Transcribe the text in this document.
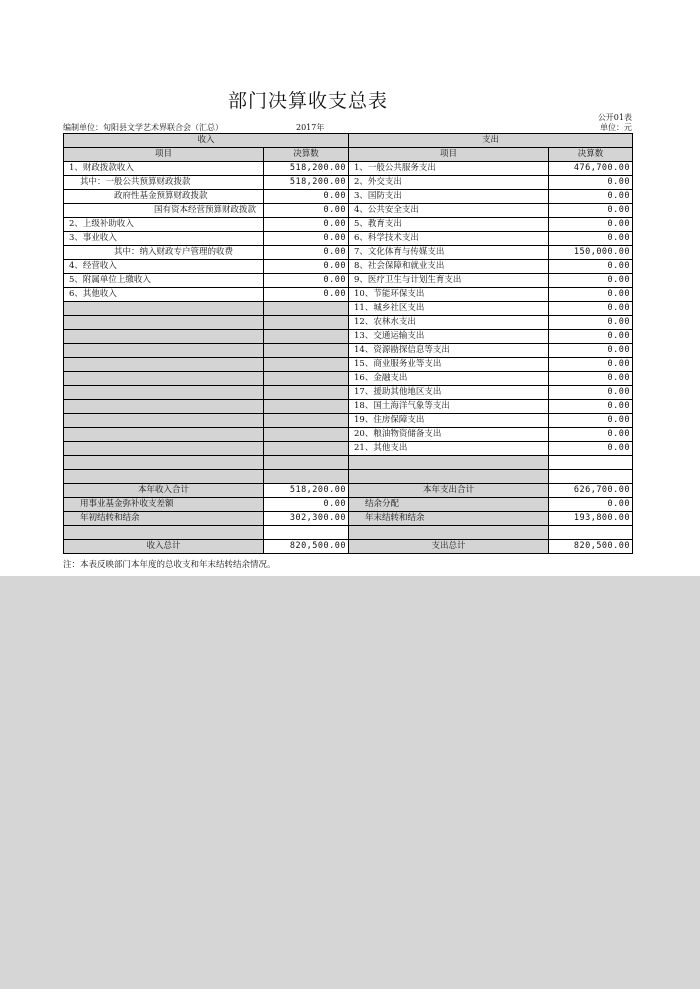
部门决算收支总表
公开01表
编制单位：旬阳县文学艺术界联合会（汇总）	2017年	单位：元
收入		支出	
项目	决算数	项目	决算数
1、财政拨款收入	518,200.00	1、一般公共服务支出	476,700.00
其中：一般公共预算财政拨款	518,200.00	2、外交支出	0.00
政府性基金预算财政拨款	0.00	3、国防支出	0.00
国有资本经营预算财政拨款	0.00	4、公共安全支出	0.00
2、上级补助收入	0.00	5、教育支出	0.00
3、事业收入	0.00	6、科学技术支出	0.00
其中：纳入财政专户管理的收费	0.00	7、文化体育与传媒支出	150,000.00
4、经营收入	0.00	8、社会保障和就业支出	0.00
5、附属单位上缴收入	0.00	9、医疗卫生与计划生育支出	0.00
6、其他收入	0.00	10、节能环保支出	0.00
		11、城乡社区支出	0.00
		12、农林水支出	0.00
		13、交通运输支出	0.00
		14、资源勘探信息等支出	0.00
		15、商业服务业等支出	0.00
		16、金融支出	0.00
		17、援助其他地区支出	0.00
		18、国土海洋气象等支出	0.00
		19、住房保障支出	0.00
		20、粮油物资储备支出	0.00
		21、其他支出	0.00

本年收入合计	518,200.00	本年支出合计	626,700.00
用事业基金弥补收支差额	0.00	结余分配	0.00
年初结转和结余	302,300.00	年末结转和结余	193,800.00

收入总计	820,500.00	支出总计	820,500.00
注：本表反映部门本年度的总收支和年末结转结余情况。
